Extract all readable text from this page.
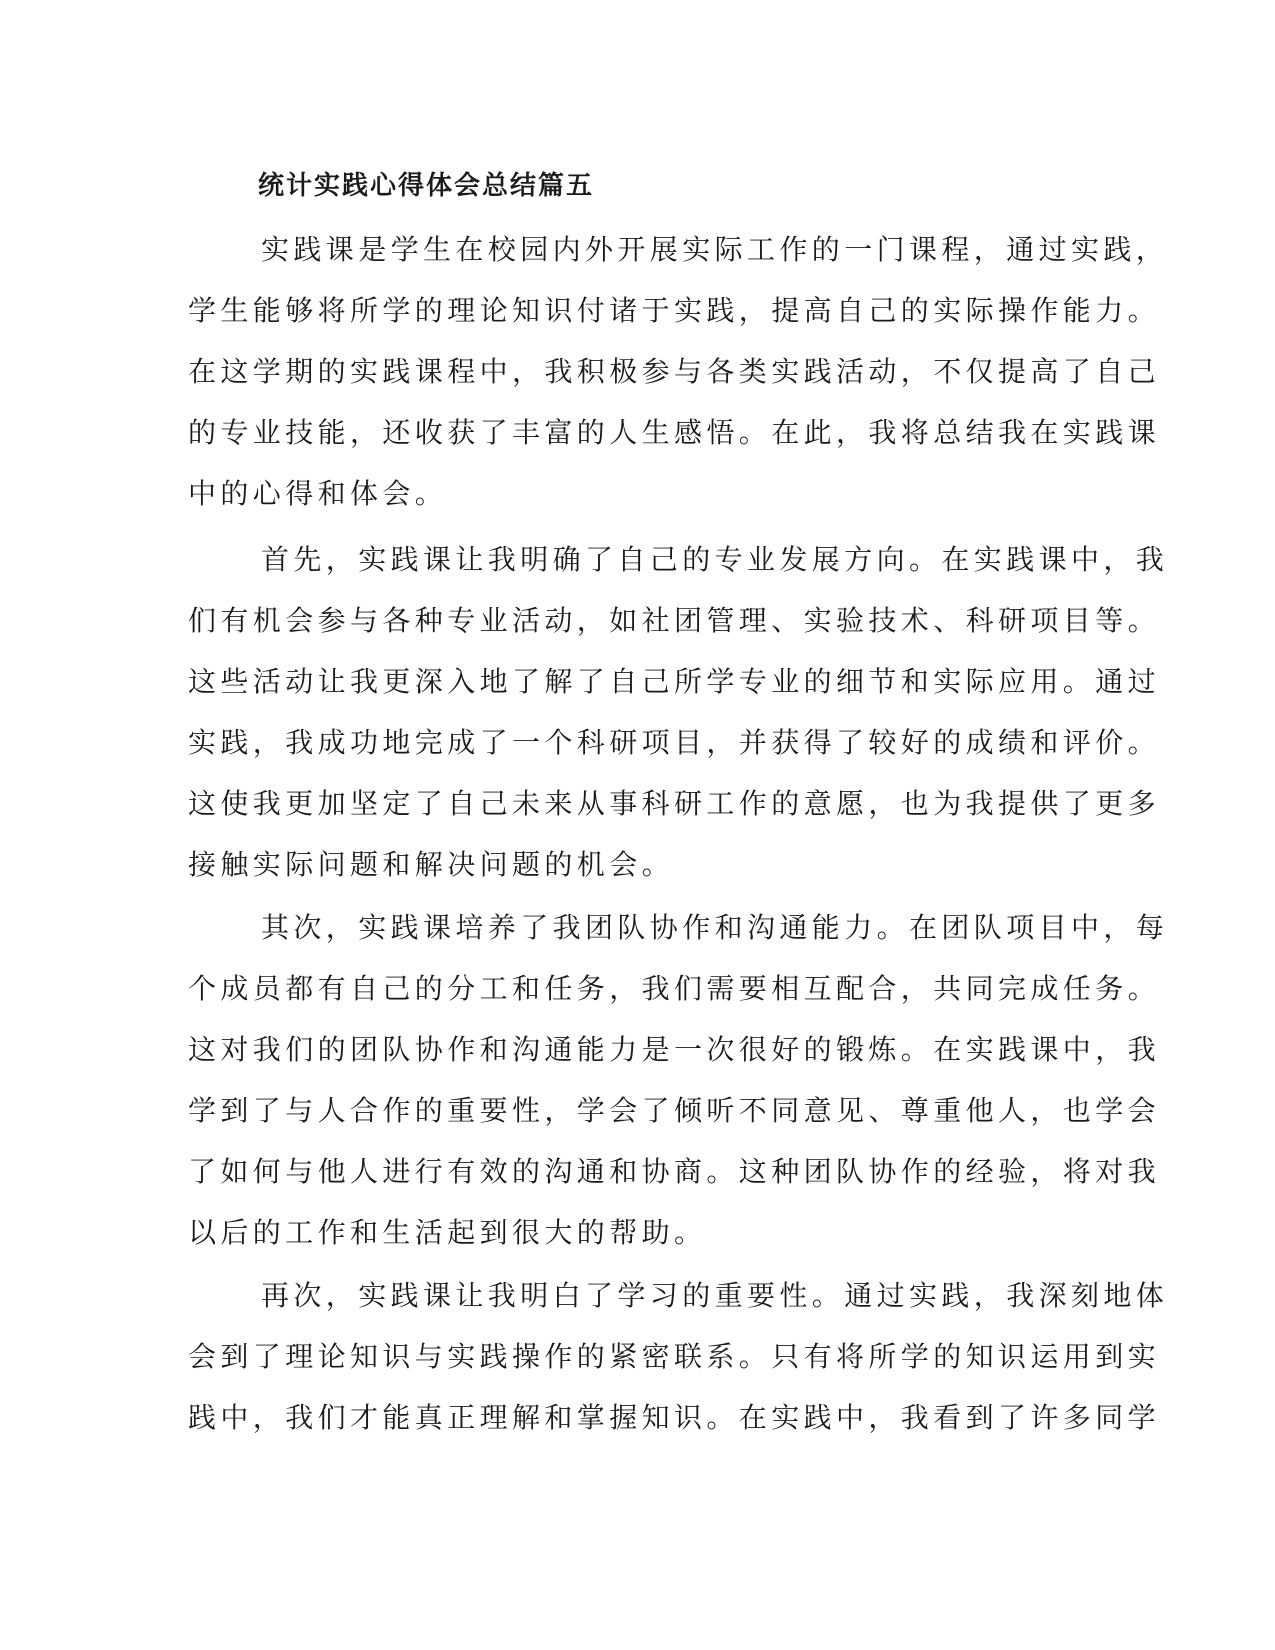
统计实践心得体会总结篇五

实践课是学生在校园内外开展实际工作的一门课程，通过实践，
学生能够将所学的理论知识付诸于实践，提高自己的实际操作能力。
在这学期的实践课程中，我积极参与各类实践活动，不仅提高了自己
的专业技能，还收获了丰富的人生感悟。在此，我将总结我在实践课
中的心得和体会。

首先，实践课让我明确了自己的专业发展方向。在实践课中，我
们有机会参与各种专业活动，如社团管理、实验技术、科研项目等。
这些活动让我更深入地了解了自己所学专业的细节和实际应用。通过
实践，我成功地完成了一个科研项目，并获得了较好的成绩和评价。
这使我更加坚定了自己未来从事科研工作的意愿，也为我提供了更多
接触实际问题和解决问题的机会。

其次，实践课培养了我团队协作和沟通能力。在团队项目中，每
个成员都有自己的分工和任务，我们需要相互配合，共同完成任务。
这对我们的团队协作和沟通能力是一次很好的锻炼。在实践课中，我
学到了与人合作的重要性，学会了倾听不同意见、尊重他人，也学会
了如何与他人进行有效的沟通和协商。这种团队协作的经验，将对我
以后的工作和生活起到很大的帮助。

再次，实践课让我明白了学习的重要性。通过实践，我深刻地体
会到了理论知识与实践操作的紧密联系。只有将所学的知识运用到实
践中，我们才能真正理解和掌握知识。在实践中，我看到了许多同学
